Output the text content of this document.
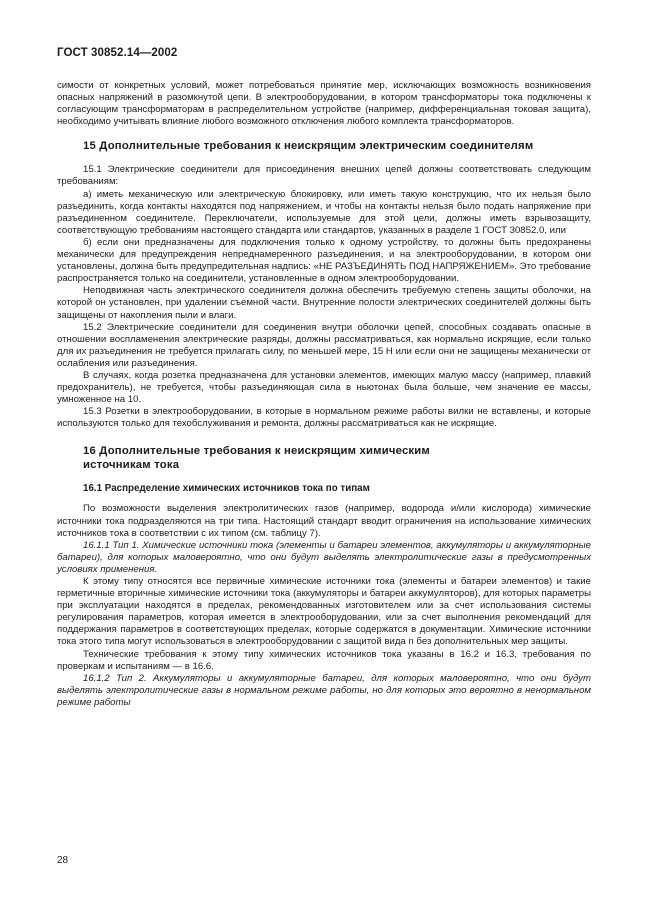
ГОСТ 30852.14—2002

симости от конкретных условий, может потребоваться принятие мер, исключающих возможность возникновения опасных напряжений в разомкнутой цепи. В электрооборудовании, в котором трансформаторы тока подключены к согласующим трансформаторам в распределительном устройстве (например, дифференциальная токовая защита), необходимо учитывать влияние любого возможного отключения любого комплекта трансформаторов.

15 Дополнительные требования к неискрящим электрическим соединителям

15.1 Электрические соединители для присоединения внешних цепей должны соответствовать следующим требованиям:

а) иметь механическую или электрическую блокировку, или иметь такую конструкцию, что их нельзя было разъединить, когда контакты находятся под напряжением, и чтобы на контакты нельзя было подать напряжение при разъединенном соединителе. Переключатели, используемые для этой цели, должны иметь взрывозащиту, соответствующую требованиям настоящего стандарта или стандартов, указанных в разделе 1 ГОСТ 30852.0, или

б) если они предназначены для подключения только к одному устройству, то должны быть предохранены механически для предупреждения непреднамеренного разъединения, и на электрооборудовании, в котором они установлены, должна быть предупредительная надпись: «НЕ РАЗЪЕДИНЯТЬ ПОД НАПРЯЖЕНИЕМ». Это требование распространяется только на соединители, установленные в одном электрооборудовании.

Неподвижная часть электрического соединителя должна обеспечить требуемую степень защиты оболочки, на которой он установлен, при удалении съемной части. Внутренние полости электрических соединителей должны быть защищены от накопления пыли и влаги.

15.2 Электрические соединители для соединения внутри оболочки цепей, способных создавать опасные в отношении воспламенения электрические разряды, должны рассматриваться, как нормально искрящие, если только для их разъединения не требуется прилагать силу, по меньшей мере, 15 Н или если они не защищены механически от ослабления или разъединения.

В случаях, когда розетка предназначена для установки элементов, имеющих малую массу (например, плавкий предохранитель), не требуется, чтобы разъединяющая сила в ньютонах была больше, чем значение ее массы, умноженное на 10.

15.3 Розетки в электрооборудовании, в которые в нормальном режиме работы вилки не вставлены, и которые используются только для техобслуживания и ремонта, должны рассматриваться как не искрящие.

16 Дополнительные требования к неискрящим химическим
источникам тока
16.1 Распределение химических источников тока по типам

По возможности выделения электролитических газов (например, водорода и/или кислорода) химические источники тока подразделяются на три типа. Настоящий стандарт вводит ограничения на использование химических источников тока в соответствии с их типом (см. таблицу 7).

16.1.1 Тип 1. Химические источники тока (элементы и батареи элементов, аккумуляторы и аккумуляторные батареи), для которых маловероятно, что они будут выделять электролитические газы в предусмотренных условиях применения.

К этому типу относятся все первичные химические источники тока (элементы и батареи элементов) и такие герметичные вторичные химические источники тока (аккумуляторы и батареи аккумуляторов), для которых параметры при эксплуатации находятся в пределах, рекомендованных изготовителем или за счет использования системы регулирования параметров, которая имеется в электрооборудовании, или за счет выполнения рекомендаций для поддержания параметров в соответствующих пределах, которые содержатся в документации. Химические источники тока этого типа могут использоваться в электрооборудовании с защитой вида n без дополнительных мер защиты.

Технические требования к этому типу химических источников тока указаны в 16.2 и 16.3, требования по проверкам и испытаниям — в 16.6.

16.1.2 Тип 2. Аккумуляторы и аккумуляторные батареи, для которых маловероятно, что они будут выделять электролитические газы в нормальном режиме работы, но для которых это вероятно в ненормальном режиме работы

28
